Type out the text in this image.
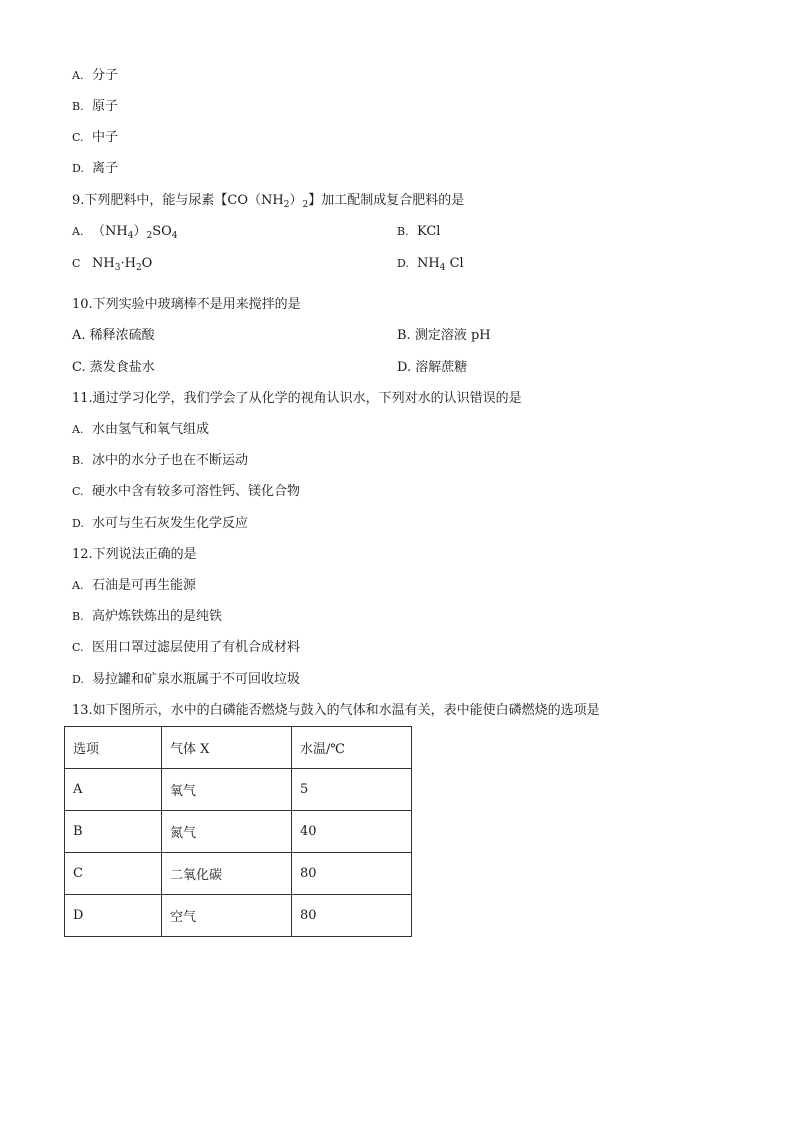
A. 分子
B. 原子
C. 中子
D. 离子
9.下列肥料中，能与尿素【$CO(NH_2)_2$】加工配制成复合肥料的是
A. $(NH_4)_2SO_4$	B. KCl
C $NH_3\cdot H_2O$	D. $NH_4$ Cl
10.下列实验中玻璃棒不是用来搅拌的是
A. 稀释浓硫酸	B. 测定溶液 pH
C. 蒸发食盐水	D. 溶解蔗糖
11.通过学习化学，我们学会了从化学的视角认识水，下列对水的认识错误的是
A. 水由氢气和氧气组成
B. 冰中的水分子也在不断运动
C. 硬水中含有较多可溶性钙、镁化合物
D. 水可与生石灰发生化学反应
12.下列说法正确的是
A. 石油是可再生能源
B. 高炉炼铁炼出的是纯铁
C. 医用口罩过滤层使用了有机合成材料
D. 易拉罐和矿泉水瓶属于不可回收垃圾
13.如下图所示，水中的白磷能否燃烧与鼓入的气体和水温有关，表中能使白磷燃烧的选项是
选项	气体 X	水温/℃
A	氧气	5
B	氮气	40
C	二氧化碳	80
D	空气	80
